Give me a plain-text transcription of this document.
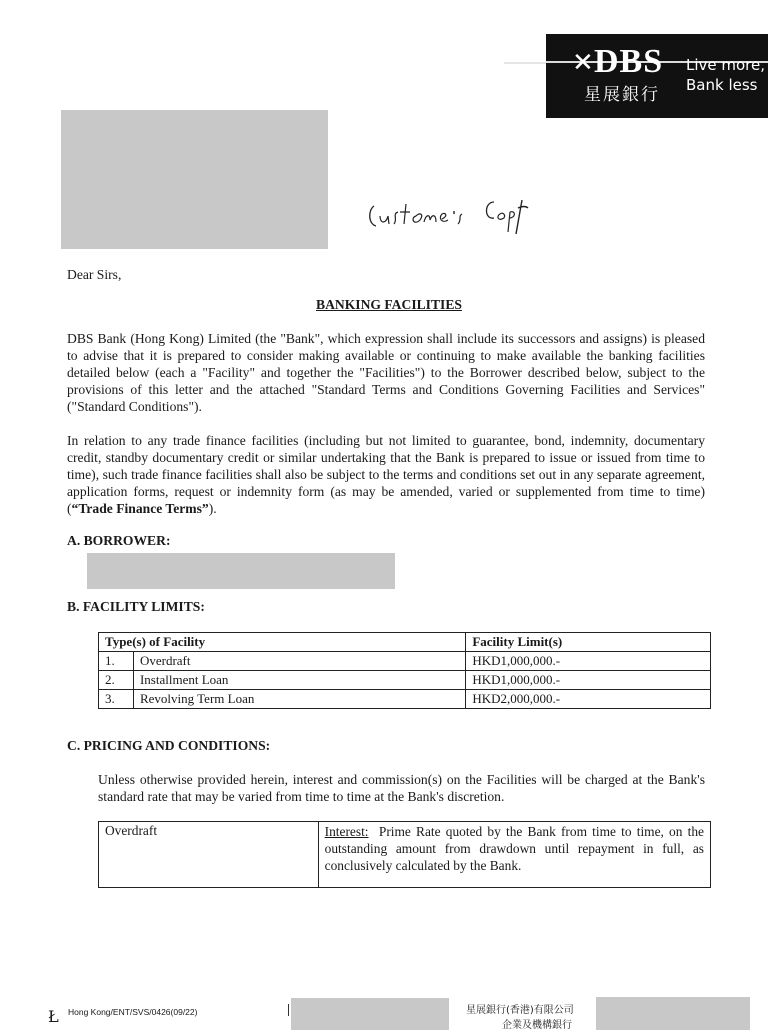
✕ DBS
星展銀行
Live more,
Bank less
Dear Sirs,
BANKING FACILITIES
DBS Bank (Hong Kong) Limited (the "Bank", which expression shall include its successors and assigns) is pleased to advise that it is prepared to consider making available or continuing to make available the banking facilities detailed below (each a "Facility" and together the "Facilities") to the Borrower described below, subject to the provisions of this letter and the attached "Standard Terms and Conditions Governing Facilities and Services" ("Standard Conditions").
In relation to any trade finance facilities (including but not limited to guarantee, bond, indemnity, documentary credit, standby documentary credit or similar undertaking that the Bank is prepared to issue or issued from time to time), such trade finance facilities shall also be subject to the terms and conditions set out in any separate agreement, application forms, request or indemnity form (as may be amended, varied or supplemented from time to time) (“Trade Finance Terms”).
A. BORROWER:
B. FACILITY LIMITS:
Type(s) of Facility		Facility Limit(s)
1.	Overdraft	HKD1,000,000.-
2.	Installment Loan	HKD1,000,000.-
3.	Revolving Term Loan	HKD2,000,000.-
C. PRICING AND CONDITIONS:
Unless otherwise provided herein, interest and commission(s) on the Facilities will be charged at the Bank's standard rate that may be varied from time to time at the Bank's discretion.
Overdraft	Interest: Prime Rate quoted by the Bank from time to time, on the outstanding amount from drawdown until repayment in full, as conclusively calculated by the Bank.
Ł Hong Kong/ENT/SVS/0426(09/22)	星展銀行(香港)有限公司
企業及機構銀行
